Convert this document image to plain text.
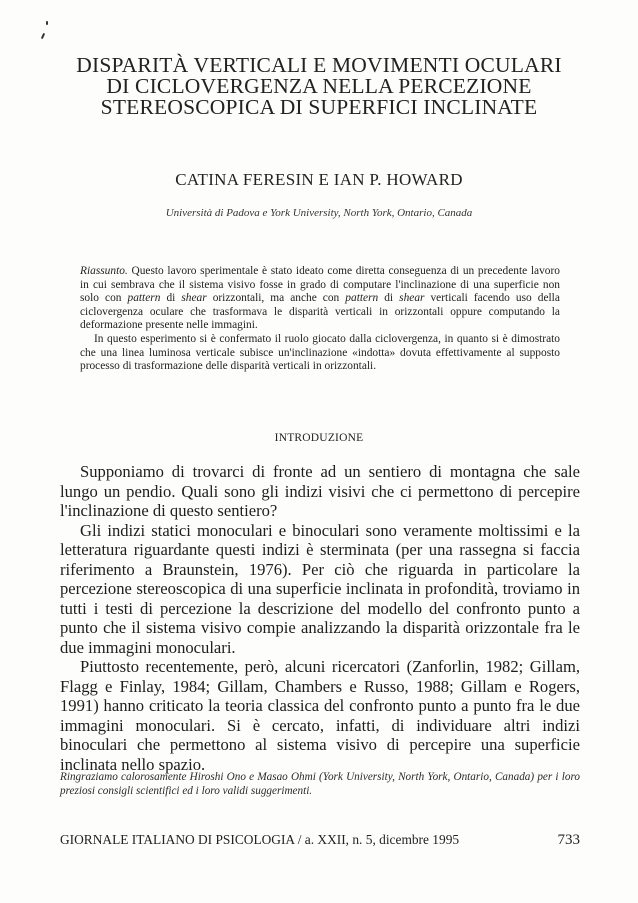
DISPARITÀ VERTICALI E MOVIMENTI OCULARI
DI CICLOVERGENZA NELLA PERCEZIONE
STEREOSCOPICA DI SUPERFICI INCLINATE
CATINA FERESIN E IAN P. HOWARD
Università di Padova e York University, North York, Ontario, Canada

Riassunto. Questo lavoro sperimentale è stato ideato come diretta conseguenza di un precedente lavoro in cui sembrava che il sistema visivo fosse in grado di computare l'inclinazione di una superficie non solo con pattern di shear orizzontali, ma anche con pattern di shear verticali facendo uso della ciclovergenza oculare che trasformava le disparità verticali in orizzontali oppure computando la deformazione presente nelle immagini.

In questo esperimento si è confermato il ruolo giocato dalla ciclovergenza, in quanto si è dimostrato che una linea luminosa verticale subisce un'inclinazione «indotta» dovuta effettivamente al supposto processo di trasformazione delle disparità verticali in orizzontali.

INTRODUZIONE

Supponiamo di trovarci di fronte ad un sentiero di montagna che sale lungo un pendio. Quali sono gli indizi visivi che ci permettono di percepire l'inclinazione di questo sentiero?

Gli indizi statici monoculari e binoculari sono veramente moltissimi e la letteratura riguardante questi indizi è sterminata (per una rassegna si faccia riferimento a Braunstein, 1976). Per ciò che riguarda in particolare la percezione stereoscopica di una superficie inclinata in profondità, troviamo in tutti i testi di percezione la descrizione del modello del confronto punto a punto che il sistema visivo compie analizzando la disparità orizzontale fra le due immagini monoculari.

Piuttosto recentemente, però, alcuni ricercatori (Zanforlin, 1982; Gillam, Flagg e Finlay, 1984; Gillam, Chambers e Russo, 1988; Gillam e Rogers, 1991) hanno criticato la teoria classica del confronto punto a punto fra le due immagini monoculari. Si è cercato, infatti, di individuare altri indizi binoculari che permettono al sistema visivo di percepire una superficie inclinata nello spazio.

Ringraziamo calorosamente Hiroshi Ono e Masao Ohmi (York University, North York, Ontario, Canada) per i loro preziosi consigli scientifici ed i loro validi suggerimenti.
GIORNALE ITALIANO DI PSICOLOGIA / a. XXII, n. 5, dicembre 1995	733
